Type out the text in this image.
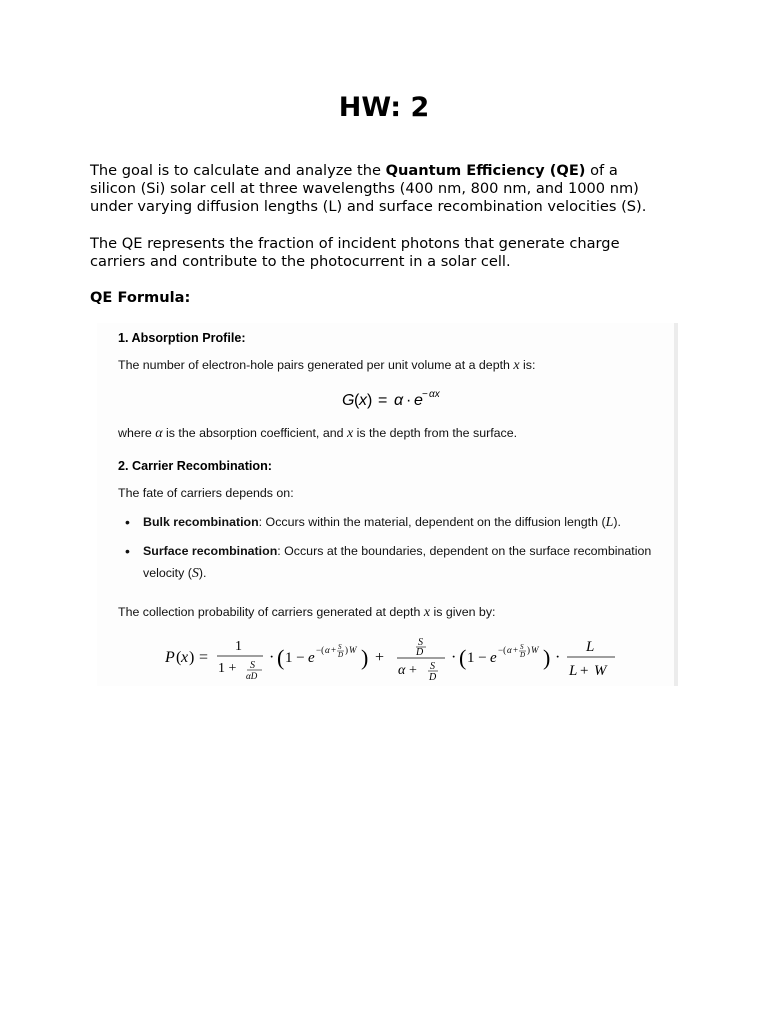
HW: 2
The goal is to calculate and analyze the Quantum Efficiency (QE) of a
silicon (Si) solar cell at three wavelengths (400 nm, 800 nm, and 1000 nm)
under varying diffusion lengths (L) and surface recombination velocities (S).
The QE represents the fraction of incident photons that generate charge
carriers and contribute to the photocurrent in a solar cell.
QE Formula:
1. Absorption Profile:
The number of electron-hole pairs generated per unit volume at a depth x is:
G ( x ) = α · e − αx
where α is the absorption coefficient, and x is the depth from the surface.
2. Carrier Recombination:
The fate of carriers depends on:
• Bulk recombination: Occurs within the material, dependent on the diffusion length (L).
• Surface recombination: Occurs at the boundaries, dependent on the surface recombination
velocity (S).
The collection probability of carriers generated at depth x is given by:
P ( x ) =
1
1 + S
αD
· ( 1 − e −( α + S
D ) W ) +
S
D
α + S
D
· ( 1 − e −( α + S
D ) W ) ·
L
L + W
